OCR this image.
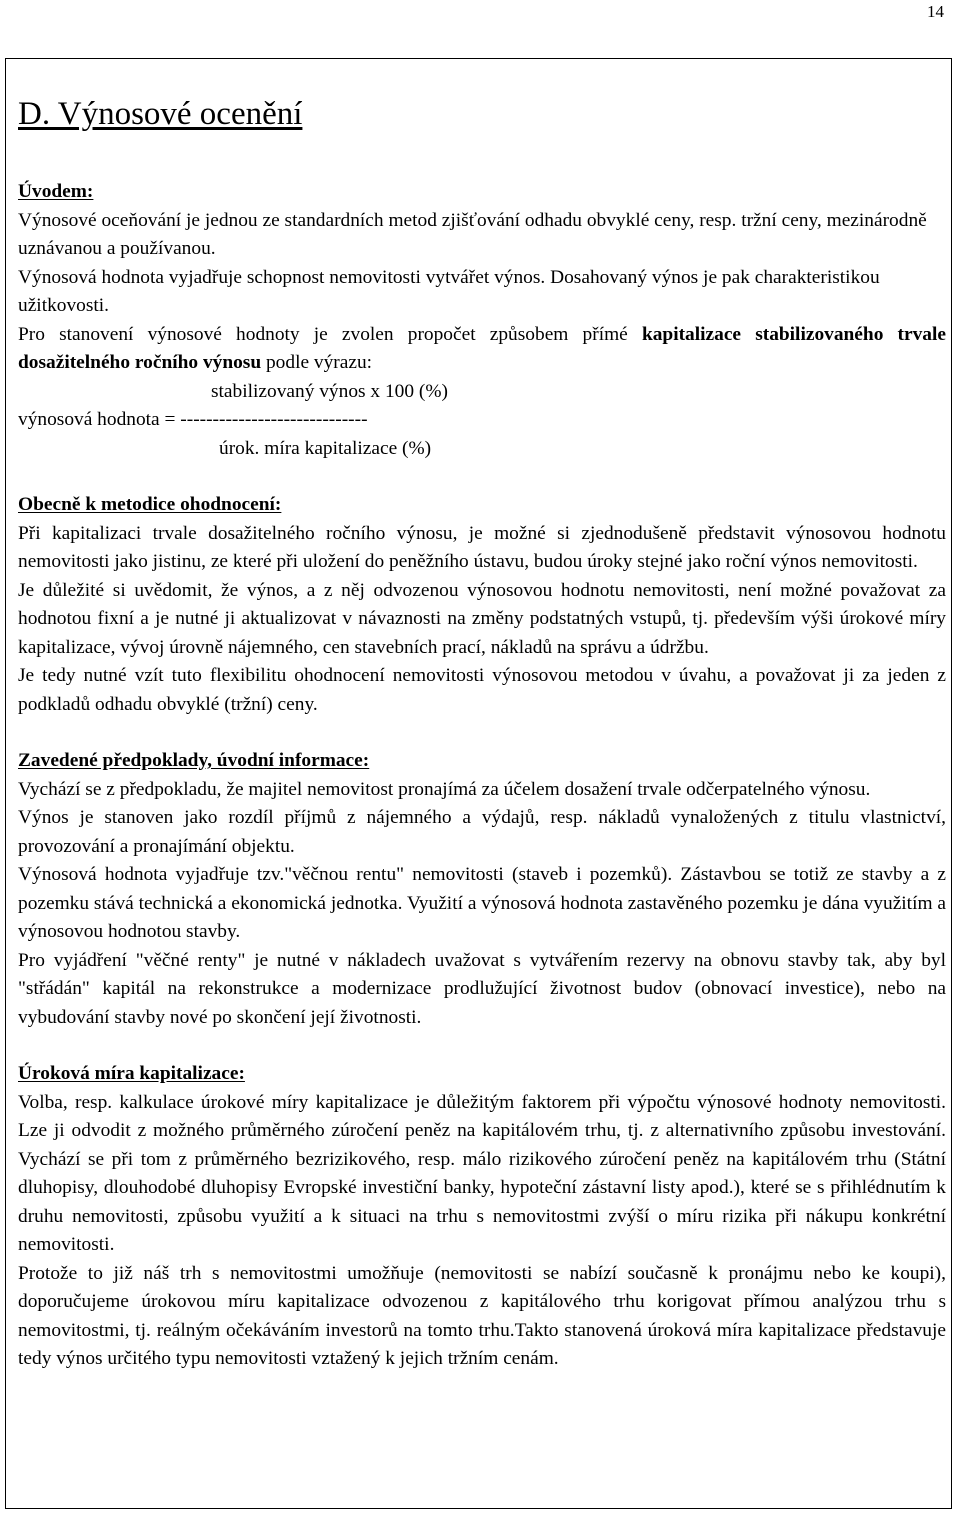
14
D. Výnosové ocenění
Úvodem:

Výnosové oceňování je jednou ze standardních metod zjišťování odhadu obvyklé ceny, resp. tržní ceny, mezinárodně uznávanou a používanou.

Výnosová hodnota vyjadřuje schopnost nemovitosti vytvářet výnos. Dosahovaný výnos je pak charakteristikou užitkovosti.

Pro stanovení výnosové hodnoty je zvolen propočet způsobem přímé kapitalizace stabilizovaného trvale dosažitelného ročního výnosu podle výrazu:

stabilizovaný výnos x 100 (%)
výnosová hodnota = -----------------------------
úrok. míra kapitalizace (%)
Obecně k metodice ohodnocení:

Při kapitalizaci trvale dosažitelného ročního výnosu, je možné si zjednodušeně představit výnosovou hodnotu nemovitosti jako jistinu, ze které při uložení do peněžního ústavu, budou úroky stejné jako roční výnos nemovitosti.

Je důležité si uvědomit, že výnos, a z něj odvozenou výnosovou hodnotu nemovitosti, není možné považovat za hodnotou fixní a je nutné ji aktualizovat v návaznosti na změny podstatných vstupů, tj. především výši úrokové míry kapitalizace, vývoj úrovně nájemného, cen stavebních prací, nákladů na správu a údržbu.

Je tedy nutné vzít tuto flexibilitu ohodnocení nemovitosti výnosovou metodou v úvahu, a považovat ji za jeden z podkladů odhadu obvyklé (tržní) ceny.

Zavedené předpoklady, úvodní informace:

Vychází se z předpokladu, že majitel nemovitost pronajímá za účelem dosažení trvale odčerpatelného výnosu.

Výnos je stanoven jako rozdíl příjmů z nájemného a výdajů, resp. nákladů vynaložených z titulu vlastnictví, provozování a pronajímání objektu.

Výnosová hodnota vyjadřuje tzv."věčnou rentu" nemovitosti (staveb i pozemků). Zástavbou se totiž ze stavby a z pozemku stává technická a ekonomická jednotka. Využití a výnosová hodnota zastavěného pozemku je dána využitím a výnosovou hodnotou stavby.

Pro vyjádření "věčné renty" je nutné v nákladech uvažovat s vytvářením rezervy na obnovu stavby tak, aby byl "střádán" kapitál na rekonstrukce a modernizace prodlužující životnost budov (obnovací investice), nebo na vybudování stavby nové po skončení její životnosti.

Úroková míra kapitalizace:

Volba, resp. kalkulace úrokové míry kapitalizace je důležitým faktorem při výpočtu výnosové hodnoty nemovitosti. Lze ji odvodit z možného průměrného zúročení peněz na kapitálovém trhu, tj. z alternativního způsobu investování. Vychází se při tom z průměrného bezrizikového, resp. málo rizikového zúročení peněz na kapitálovém trhu (Státní dluhopisy, dlouhodobé dluhopisy Evropské investiční banky, hypoteční zástavní listy apod.), které se s přihlédnutím k druhu nemovitosti, způsobu využití a k situaci na trhu s nemovitostmi zvýší o míru rizika při nákupu konkrétní nemovitosti.

Protože to již náš trh s nemovitostmi umožňuje (nemovitosti se nabízí současně k pronájmu nebo ke koupi), doporučujeme úrokovou míru kapitalizace odvozenou z kapitálového trhu korigovat přímou analýzou trhu s nemovitostmi, tj. reálným očekáváním investorů na tomto trhu.Takto stanovená úroková míra kapitalizace představuje tedy výnos určitého typu nemovitosti vztažený k jejich tržním cenám.
